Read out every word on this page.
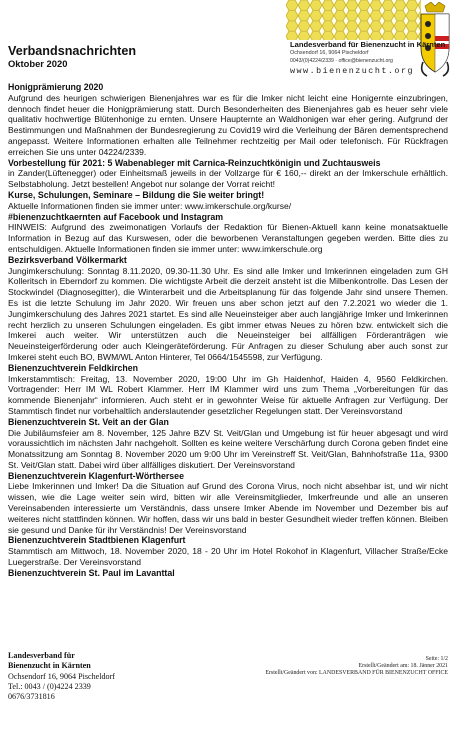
Verbandsnachrichten
Oktober 2020
Landesverband für Bienenzucht in Kärnten
Ochsendorf 16, 9064 Pischeldorf
0043/(0)4224/2339 · office@bienenzucht.org
www.bienenzucht.org

Honigprämierung 2020

Aufgrund des heurigen schwierigen Bienenjahres war es für die Imker nicht leicht eine Honigernte einzubringen, dennoch findet heuer die Honigprämierung statt. Durch Besonderheiten des Bienenjahres gab es heuer sehr viele qualitativ hochwertige Blütenhonige zu ernten. Unsere Haupternte an Waldhonigen war eher gering. Aufgrund der Bestimmungen und Maßnahmen der Bundesregierung zu Covid19 wird die Verleihung der Bären dementsprechend angepasst. Weitere Informationen erhalten alle Teilnehmer rechtzeitig per Mail oder telefonisch. Für Rückfragen erreichen Sie uns unter 04224/2339.

Vorbestellung für 2021: 5 Wabenableger mit Carnica-Reinzuchtkönigin und Zuchtausweis

in Zander(Lüftenegger) oder Einheitsmaß jeweils in der Vollzarge für € 160,-- direkt an der Imkerschule erhältlich. Selbstabholung. Jetzt bestellen! Angebot nur solange der Vorrat reicht!

Kurse, Schulungen, Seminare – Bildung die Sie weiter bringt!

Aktuelle Informationen finden sie immer unter: www.imkerschule.org/kurse/

#bienenzuchtkaernten auf Facebook und Instagram

HINWEIS: Aufgrund des zweimonatigen Vorlaufs der Redaktion für Bienen-Aktuell kann keine monatsaktuelle Information in Bezug auf das Kurswesen, oder die beworbenen Veranstaltungen gegeben werden. Bitte dies zu entschuldigen. Aktuelle Informationen finden sie immer unter: www.imkerschule.org

Bezirksverband Völkermarkt

Jungimkerschulung: Sonntag 8.11.2020, 09.30-11.30 Uhr. Es sind alle Imker und Imkerinnen eingeladen zum GH Kolleritsch in Eberndorf zu kommen. Die wichtigste Arbeit die derzeit ansteht ist die Milbenkontrolle. Das Lesen der Stockwindel (Diagnosegitter), die Winterarbeit und die Arbeitsplanung für das folgende Jahr sind unsere Themen. Es ist die letzte Schulung im Jahr 2020. Wir freuen uns aber schon jetzt auf den 7.2.2021 wo wieder die 1. Jungimkerschulung des Jahres 2021 startet. Es sind alle Neueinsteiger aber auch langjährige Imker und Imkerinnen recht herzlich zu unseren Schulungen eingeladen. Es gibt immer etwas Neues zu hören bzw. entwickelt sich die Imkerei auch weiter. Wir unterstützen auch die Neueinsteiger bei allfälligen Förderanträgen wie Neueinsteigerförderung oder auch Kleingeräteförderung. Für Anfragen zu dieser Schulung aber auch sonst zur Imkerei steht euch BO, BWM/WL Anton Hinterer, Tel 0664/1545598, zur Verfügung.

Bienenzuchtverein Feldkirchen

Imkerstammtisch: Freitag, 13. November 2020, 19:00 Uhr im Gh Haidenhof, Haiden 4, 9560 Feldkirchen. Vortragender: Herr IM WL Robert Klammer. Herr IM Klammer wird uns zum Thema „Vorbereitungen für das kommende Bienenjahr“ informieren. Auch steht er in gewohnter Weise für aktuelle Anfragen zur Verfügung. Der Stammtisch findet nur vorbehaltlich anderslautender gesetzlicher Regelungen statt. Der Vereinsvorstand

Bienenzuchtverein St. Veit an der Glan

Die Jubiläumsfeier am 8. November, 125 Jahre BZV St. Veit/Glan und Umgebung ist für heuer abgesagt und wird voraussichtlich im nächsten Jahr nachgeholt. Sollten es keine weitere Verschärfung durch Corona geben findet eine Monatssitzung am Sonntag 8. November 2020 um 9:00 Uhr im Vereinstreff St. Veit/Glan, Bahnhofstraße 11a, 9300 St. Veit/Glan statt. Dabei wird über allfälliges diskutiert. Der Vereinsvorstand

Bienenzuchtverein Klagenfurt-Wörthersee

Liebe Imkerinnen und Imker! Da die Situation auf Grund des Corona Virus, noch nicht absehbar ist, und wir nicht wissen, wie die Lage weiter sein wird, bitten wir alle Vereinsmitglieder, Imkerfreunde und alle an unseren Vereinsabenden interessierte um Verständnis, dass unsere Imker Abende im November und Dezember bis auf weiteres nicht stattfinden können. Wir hoffen, dass wir uns bald in bester Gesundheit wieder treffen können. Bleiben sie gesund und Danke für ihr Verständnis! Der Vereinsvorstand

Bienenzuchtverein Stadtbienen Klagenfurt

Stammtisch am Mittwoch, 18. November 2020, 18 - 20 Uhr im Hotel Rokohof in Klagenfurt, Villacher Straße/Ecke Luegerstraße. Der Vereinsvorstand

Bienenzuchtverein St. Paul im Lavanttal

Landesverband für
Bienenzucht in Kärnten
Ochsendorf 16, 9064 Pischeldorf
Tel.: 0043 / (0)4224 2339
0676/3731816
Seite: 1/2
Erstellt/Geändert am: 18. Jänner 2021
Erstellt/Geändert von: LANDESVERBAND FÜR BIENENZUCHT OFFICE
